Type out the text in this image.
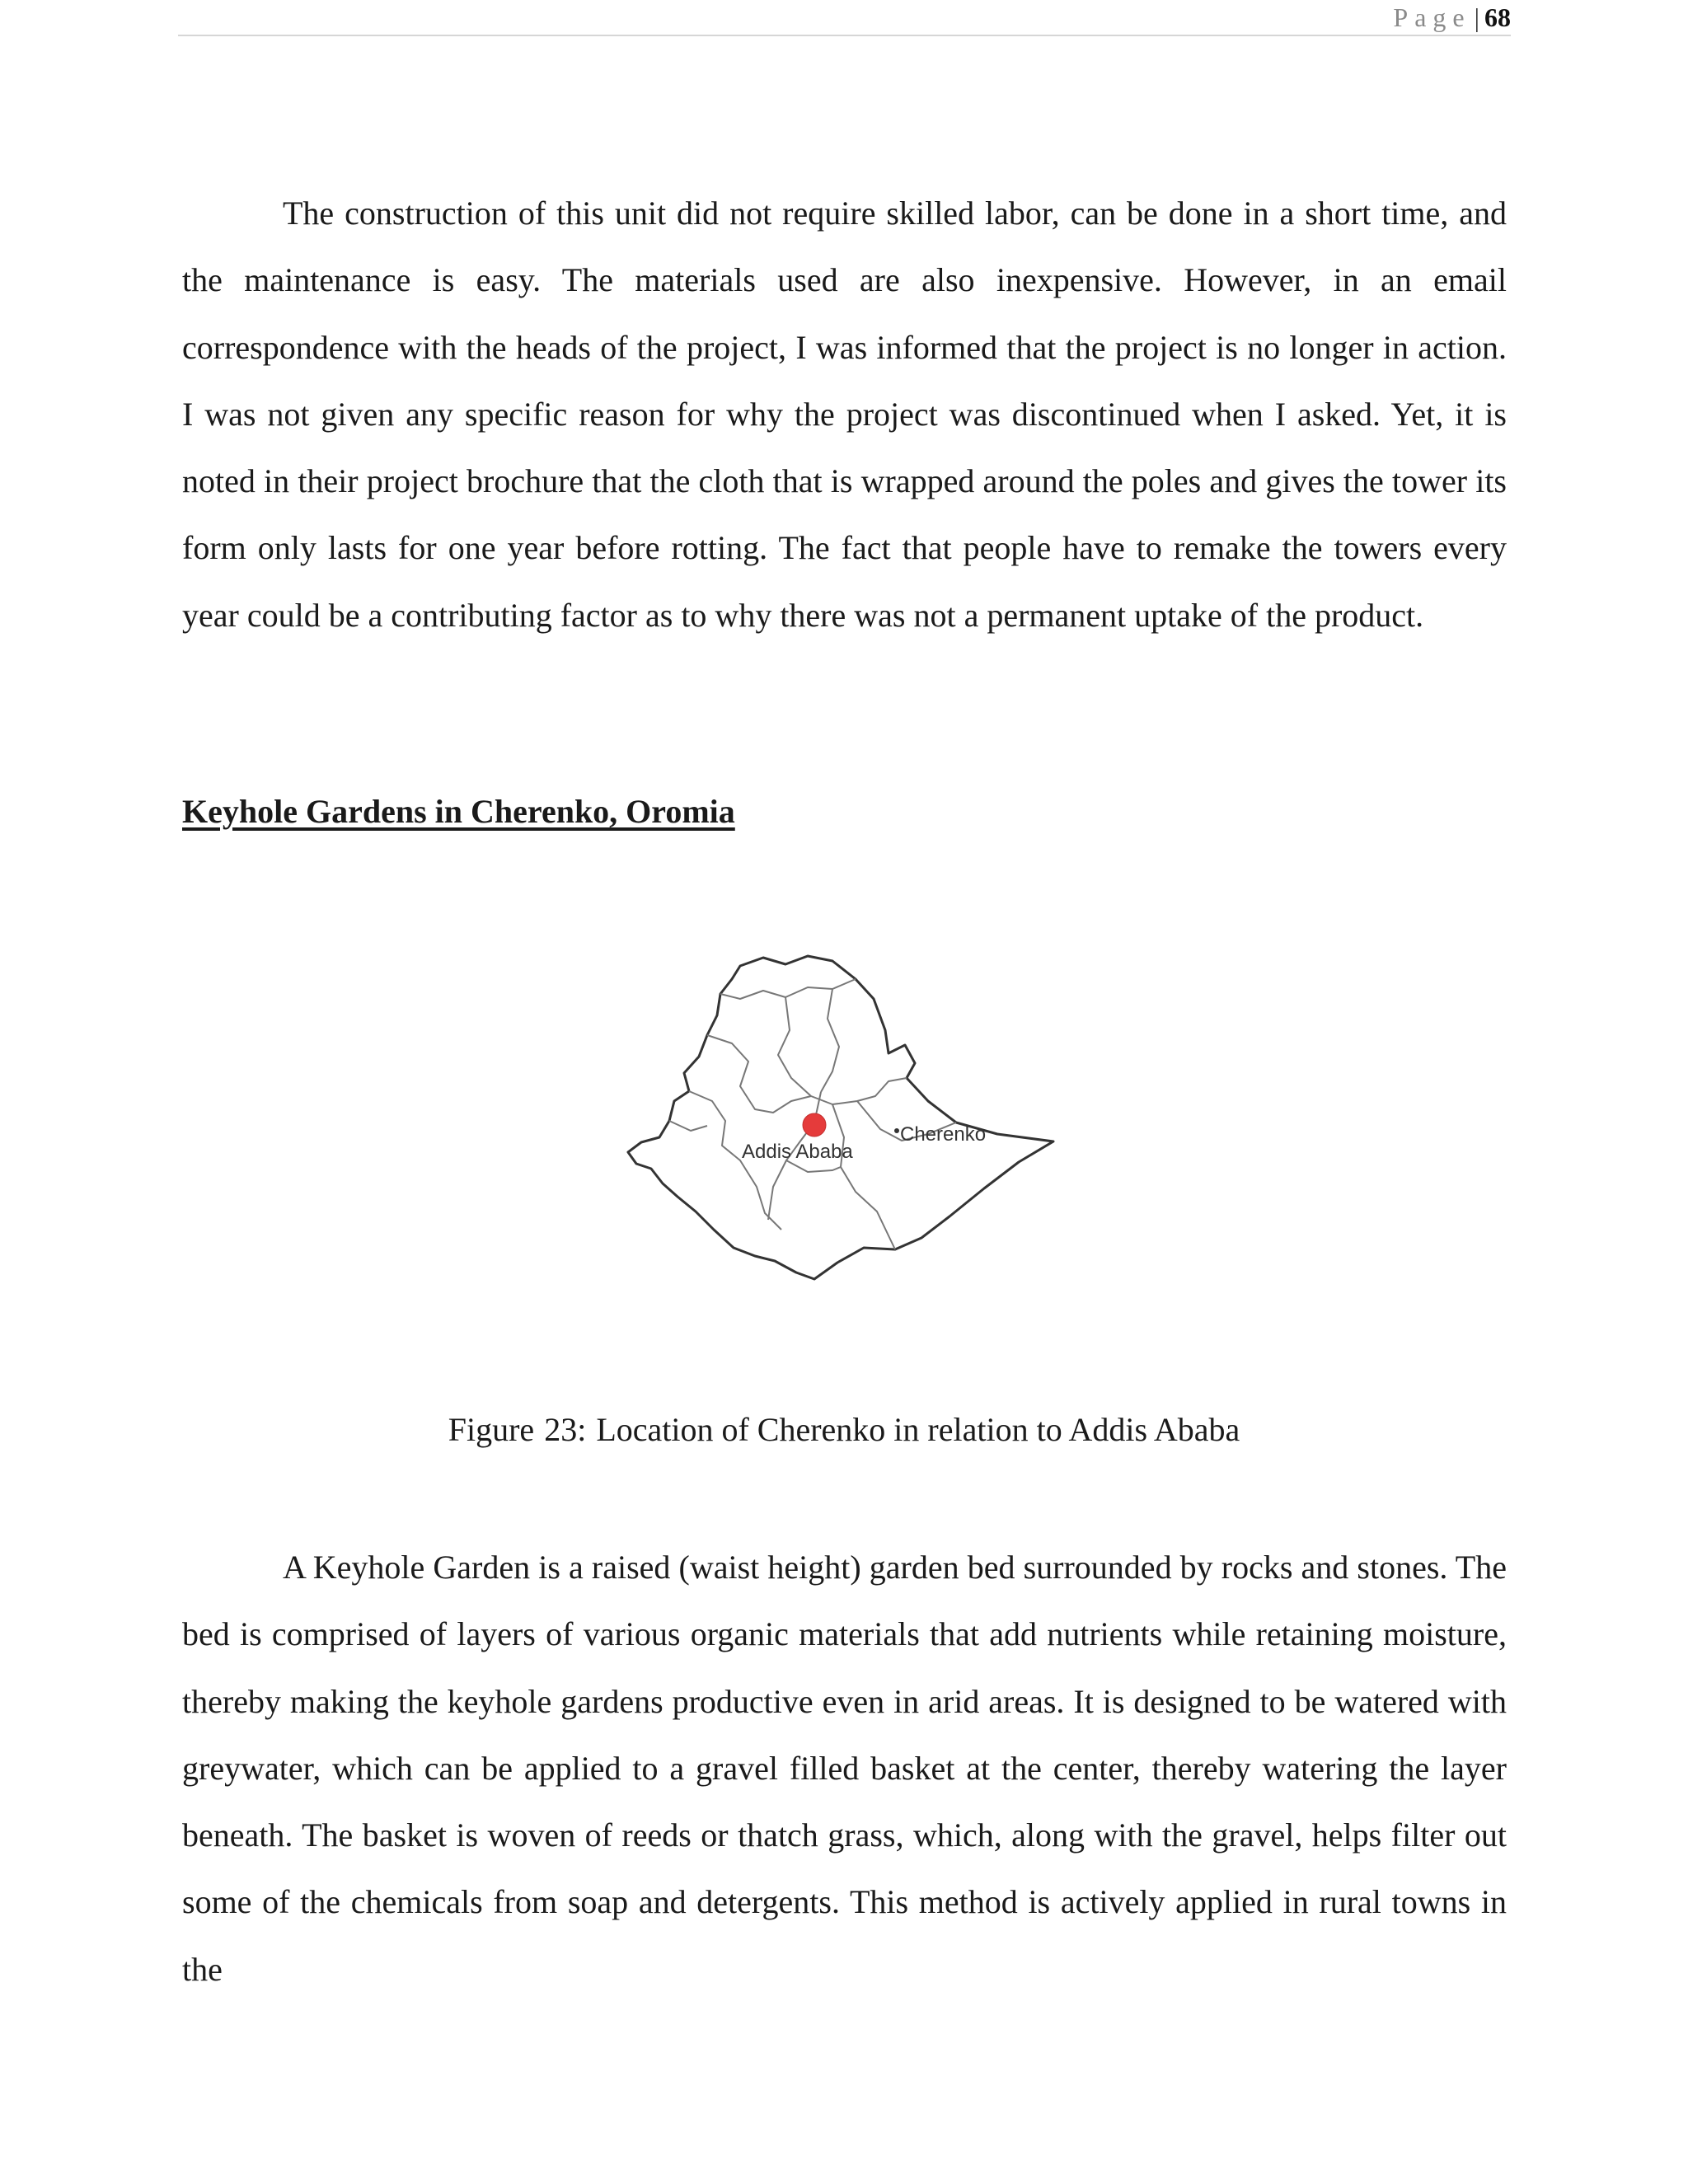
Page | 68

The construction of this unit did not require skilled labor, can be done in a short time, and the maintenance is easy. The materials used are also inexpensive. However, in an email correspondence with the heads of the project, I was informed that the project is no longer in action. I was not given any specific reason for why the project was discontinued when I asked. Yet, it is noted in their project brochure that the cloth that is wrapped around the poles and gives the tower its form only lasts for one year before rotting. The fact that people have to remake the towers every year could be a contributing factor as to why there was not a permanent uptake of the product.

Keyhole Gardens in Cherenko, Oromia
Addis Ababa
Cherenko

Figure 23: Location of Cherenko in relation to Addis Ababa

A Keyhole Garden is a raised (waist height) garden bed surrounded by rocks and stones. The bed is comprised of layers of various organic materials that add nutrients while retaining moisture, thereby making the keyhole gardens productive even in arid areas. It is designed to be watered with greywater, which can be applied to a gravel filled basket at the center, thereby watering the layer beneath. The basket is woven of reeds or thatch grass, which, along with the gravel, helps filter out some of the chemicals from soap and detergents. This method is actively applied in rural towns in the
